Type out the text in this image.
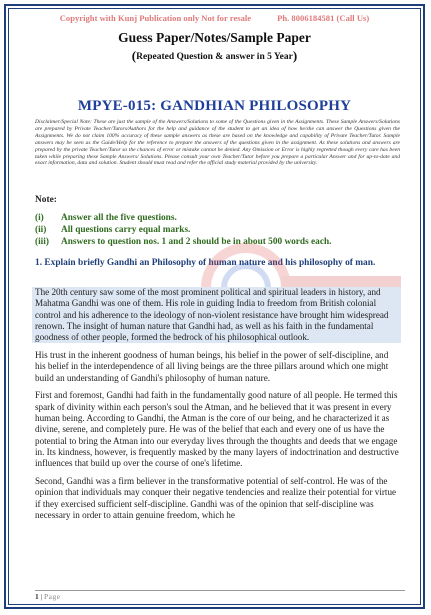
Copyright with Kunj Publication only Not for resale	Ph. 8006184581 (Call Us)
Guess Paper/Notes/Sample Paper
(Repeated Question & answer in 5 Year)
MPYE-015: GANDHIAN PHILOSOPHY
Disclaimer/Special Note: These are just the sample of the Answers/Solutions to some of the Questions given in the Assignments. These Sample Answers/Solutions are prepared by Private Teacher/Tutors/Authors for the help and guidance of the student to get an idea of how he/she can answer the Questions given the Assignments. We do not claim 100% accuracy of these sample answers as these are based on the knowledge and capability of Private Teacher/Tutor. Sample answers may be seen as the Guide/Help for the reference to prepare the answers of the questions given in the assignment. As these solutions and answers are prepared by the private Teacher/Tutor so the chances of error or mistake cannot be denied. Any Omission or Error is highly regretted though every care has been taken while preparing these Sample Answers/ Solutions. Please consult your own Teacher/Tutor before you prepare a particular Answer and for up-to-date and exact information, data and solution. Student should must read and refer the official study material provided by the university.
Note:
(i) Answer all the five questions.
(ii) All questions carry equal marks.
(iii) Answers to question nos. 1 and 2 should be in about 500 words each.
1. Explain briefly Gandhi an Philosophy of human nature and his philosophy of man.

The 20th century saw some of the most prominent political and spiritual leaders in history, and Mahatma Gandhi was one of them. His role in guiding India to freedom from British colonial control and his adherence to the ideology of non-violent resistance have brought him widespread renown. The insight of human nature that Gandhi had, as well as his faith in the fundamental goodness of other people, formed the bedrock of his philosophical outlook.

His trust in the inherent goodness of human beings, his belief in the power of self-discipline, and his belief in the interdependence of all living beings are the three pillars around which one might build an understanding of Gandhi's philosophy of human nature.

First and foremost, Gandhi had faith in the fundamentally good nature of all people. He termed this spark of divinity within each person's soul the Atman, and he believed that it was present in every human being. According to Gandhi, the Atman is the core of our being, and he characterized it as divine, serene, and completely pure. He was of the belief that each and every one of us have the potential to bring the Atman into our everyday lives through the thoughts and deeds that we engage in. Its kindness, however, is frequently masked by the many layers of indoctrination and destructive influences that build up over the course of one's lifetime.

Second, Gandhi was a firm believer in the transformative potential of self-control. He was of the opinion that individuals may conquer their negative tendencies and realize their potential for virtue if they exercised sufficient self-discipline. Gandhi was of the opinion that self-discipline was necessary in order to attain genuine freedom, which he

1 | Page
